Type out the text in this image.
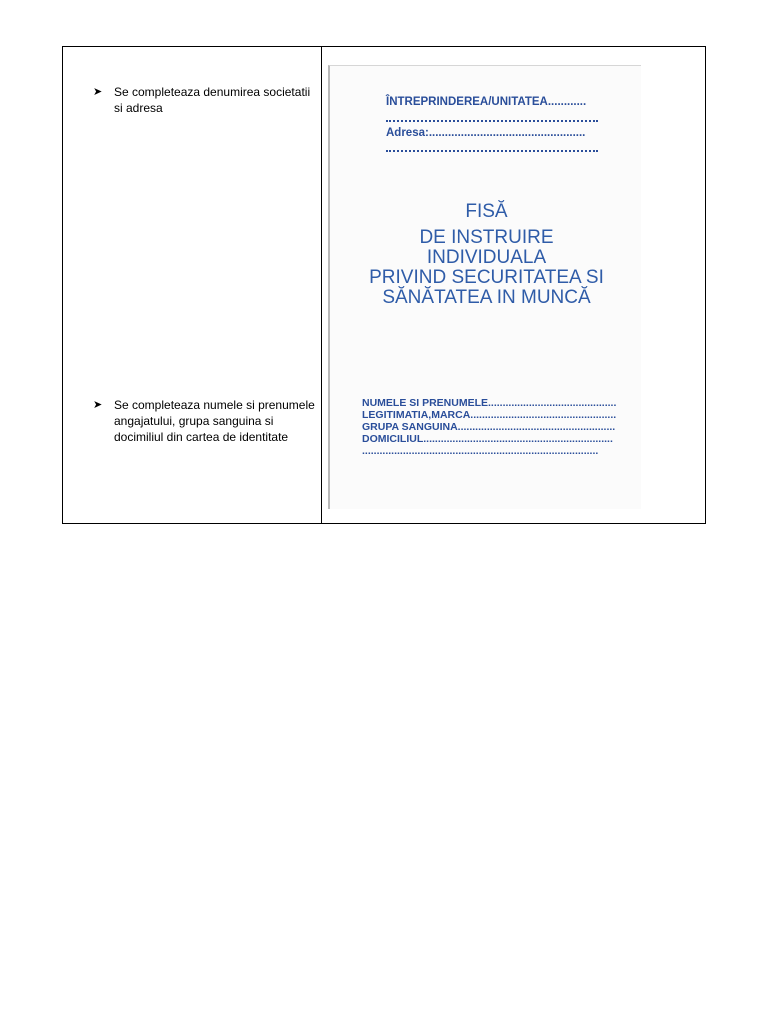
➤ Se completeaza denumirea societatii si adresa
➤ Se completeaza numele si prenumele angajatului, grupa sanguina si docimiliul din cartea de identitate
ÎNTREPRINDEREA/UNITATEA............
Adresa:.................................................
FISĂ
DE INSTRUIRE
INDIVIDUALA
PRIVIND SECURITATEA SI
SĂNĂTATEA IN MUNCĂ
NUMELE SI PRENUMELE............................................
LEGITIMATIA,MARCA..................................................
GRUPA SANGUINA......................................................
DOMICILIUL.................................................................
.................................................................................
